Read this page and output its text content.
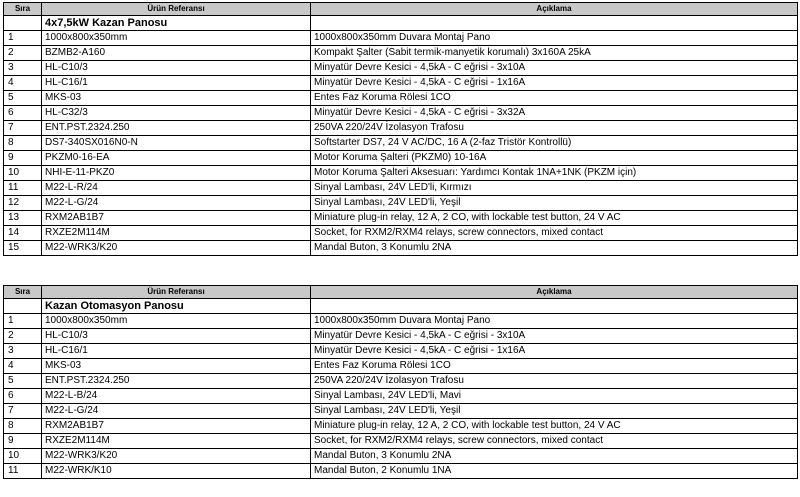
Sıra	Ürün Referansı	Açıklama
	4x7,5kW Kazan Panosu	
1	1000x800x350mm	1000x800x350mm Duvara Montaj Pano
2	BZMB2-A160	Kompakt Şalter (Sabit termik-manyetik korumalı) 3x160A 25kA
3	HL-C10/3	Minyatür Devre Kesici - 4,5kA - C eğrisi - 3x10A
4	HL-C16/1	Minyatür Devre Kesici - 4,5kA - C eğrisi - 1x16A
5	MKS-03	Entes Faz Koruma Rölesi 1CO
6	HL-C32/3	Minyatür Devre Kesici - 4,5kA - C eğrisi - 3x32A
7	ENT.PST.2324.250	250VA 220/24V İzolasyon Trafosu
8	DS7-340SX016N0-N	Softstarter DS7, 24 V AC/DC, 16 A (2-faz Tristör Kontrollü)
9	PKZM0-16-EA	Motor Koruma Şalteri (PKZM0) 10-16A
10	NHI-E-11-PKZ0	Motor Koruma Şalteri Aksesuarı: Yardımcı Kontak 1NA+1NK (PKZM için)
11	M22-L-R/24	Sinyal Lambası, 24V LED'li, Kırmızı
12	M22-L-G/24	Sinyal Lambası, 24V LED'li, Yeşil
13	RXM2AB1B7	Miniature plug-in relay, 12 A, 2 CO, with lockable test button, 24 V AC
14	RXZE2M114M	Socket, for RXM2/RXM4 relays, screw connectors, mixed contact
15	M22-WRK3/K20	Mandal Buton, 3 Konumlu 2NA
Sıra	Ürün Referansı	Açıklama
	Kazan Otomasyon Panosu	
1	1000x800x350mm	1000x800x350mm Duvara Montaj Pano
2	HL-C10/3	Minyatür Devre Kesici - 4,5kA - C eğrisi - 3x10A
3	HL-C16/1	Minyatür Devre Kesici - 4,5kA - C eğrisi - 1x16A
4	MKS-03	Entes Faz Koruma Rölesi 1CO
5	ENT.PST.2324.250	250VA 220/24V İzolasyon Trafosu
6	M22-L-B/24	Sinyal Lambası, 24V LED'li, Mavi
7	M22-L-G/24	Sinyal Lambası, 24V LED'li, Yeşil
8	RXM2AB1B7	Miniature plug-in relay, 12 A, 2 CO, with lockable test button, 24 V AC
9	RXZE2M114M	Socket, for RXM2/RXM4 relays, screw connectors, mixed contact
10	M22-WRK3/K20	Mandal Buton, 3 Konumlu 2NA
11	M22-WRK/K10	Mandal Buton, 2 Konumlu 1NA
